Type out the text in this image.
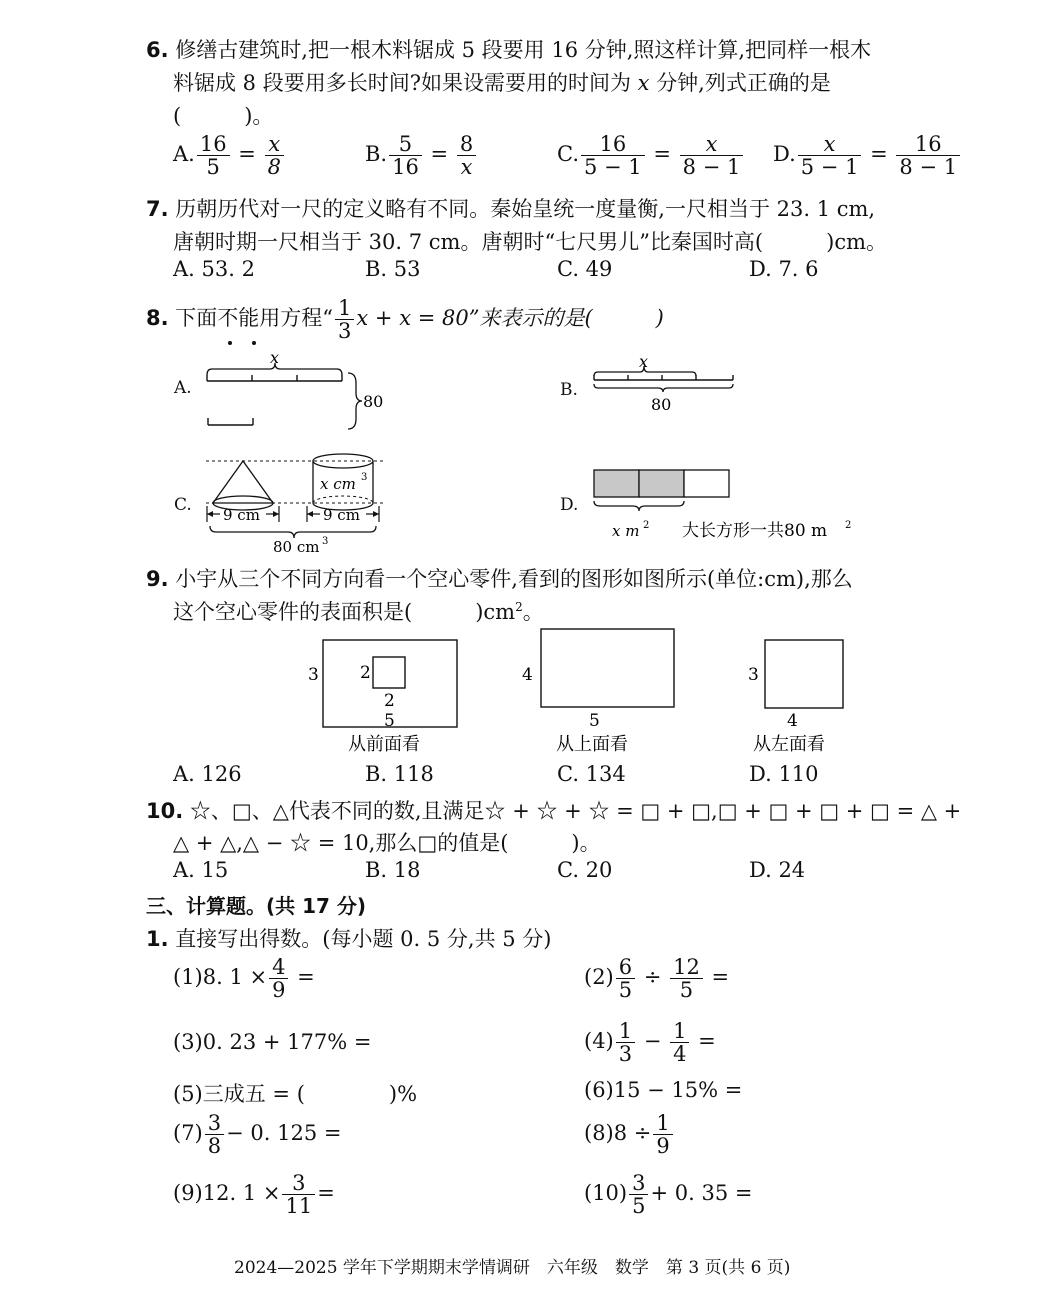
6. 修缮古建筑时,把一根木料锯成 5 段要用 16 分钟,照这样计算,把同样一根木
料锯成 8 段要用多长时间?如果设需要用的时间为 x 分钟,列式正确的是
(　　　)。
A. $\frac{16}{5} = \frac{x}{8}$	B. $\frac{5}{16} = \frac{8}{x}$	C. $\frac{16}{5 - 1} = \frac{x}{8 - 1} D$. $\frac{x}{5 - 1} = \frac{16}{8 - 1}$
7. 历朝历代对一尺的定义略有不同。秦始皇统一度量衡,一尺相当于 23. 1 cm,
唐朝时期一尺相当于 30. 7 cm。唐朝时“七尺男儿”比秦国时高(　　　)cm。
A. 53. 2	B. 53	C. 49	D. 7. 6
8. 下面不能用方程“ $\frac{1}{3}$ x + x = 80”来表示的是(　　　)
A.
x
80
B.
x
80
C.
x cm 3
9 cm	9 cm
80 cm 3
D.
x m 2 大长方形一共80 m 2
9. 小宇从三个不同方向看一个空心零件,看到的图形如图所示(单位:cm),那么
这个空心零件的表面积是(　　　)$cm^2$。
3 2
2
5
从前面看
4
5
从上面看
3
4
从左面看
A. 126	B. 118	C. 134	D. 110
10. ☆、□、△代表不同的数,且满足☆ + ☆ + ☆ = □ + □,□ + □ + □ + □ = △ +
△ + △,△ − ☆ = 10,那么□的值是(　　　)。
A. 15	B. 18	C. 20	D. 24
三、计算题。(共 17 分)
1. 直接写出得数。(每小题 0. 5 分,共 5 分)
(1)8. $1 \times \frac{4}{9}$ =	$(2) \frac{6}{5} \div \frac{12}{5}$ =
(3)0. 23 + 177% =	$(4) \frac{1}{3} - \frac{1}{4}$ =
(5)三成五 = (　　　　)%	(6)15 − 15% =
$(7) \frac{3}{8} - 0$. 125 =	$(8)8 \div \frac{1}{9}$
(9)12. $1 \times \frac{3}{11}$ =	$(10) \frac{3}{5} + 0$. 35 =
2024—2025 学年下学期期末学情调研　六年级　数学　第 3 页(共 6 页)
